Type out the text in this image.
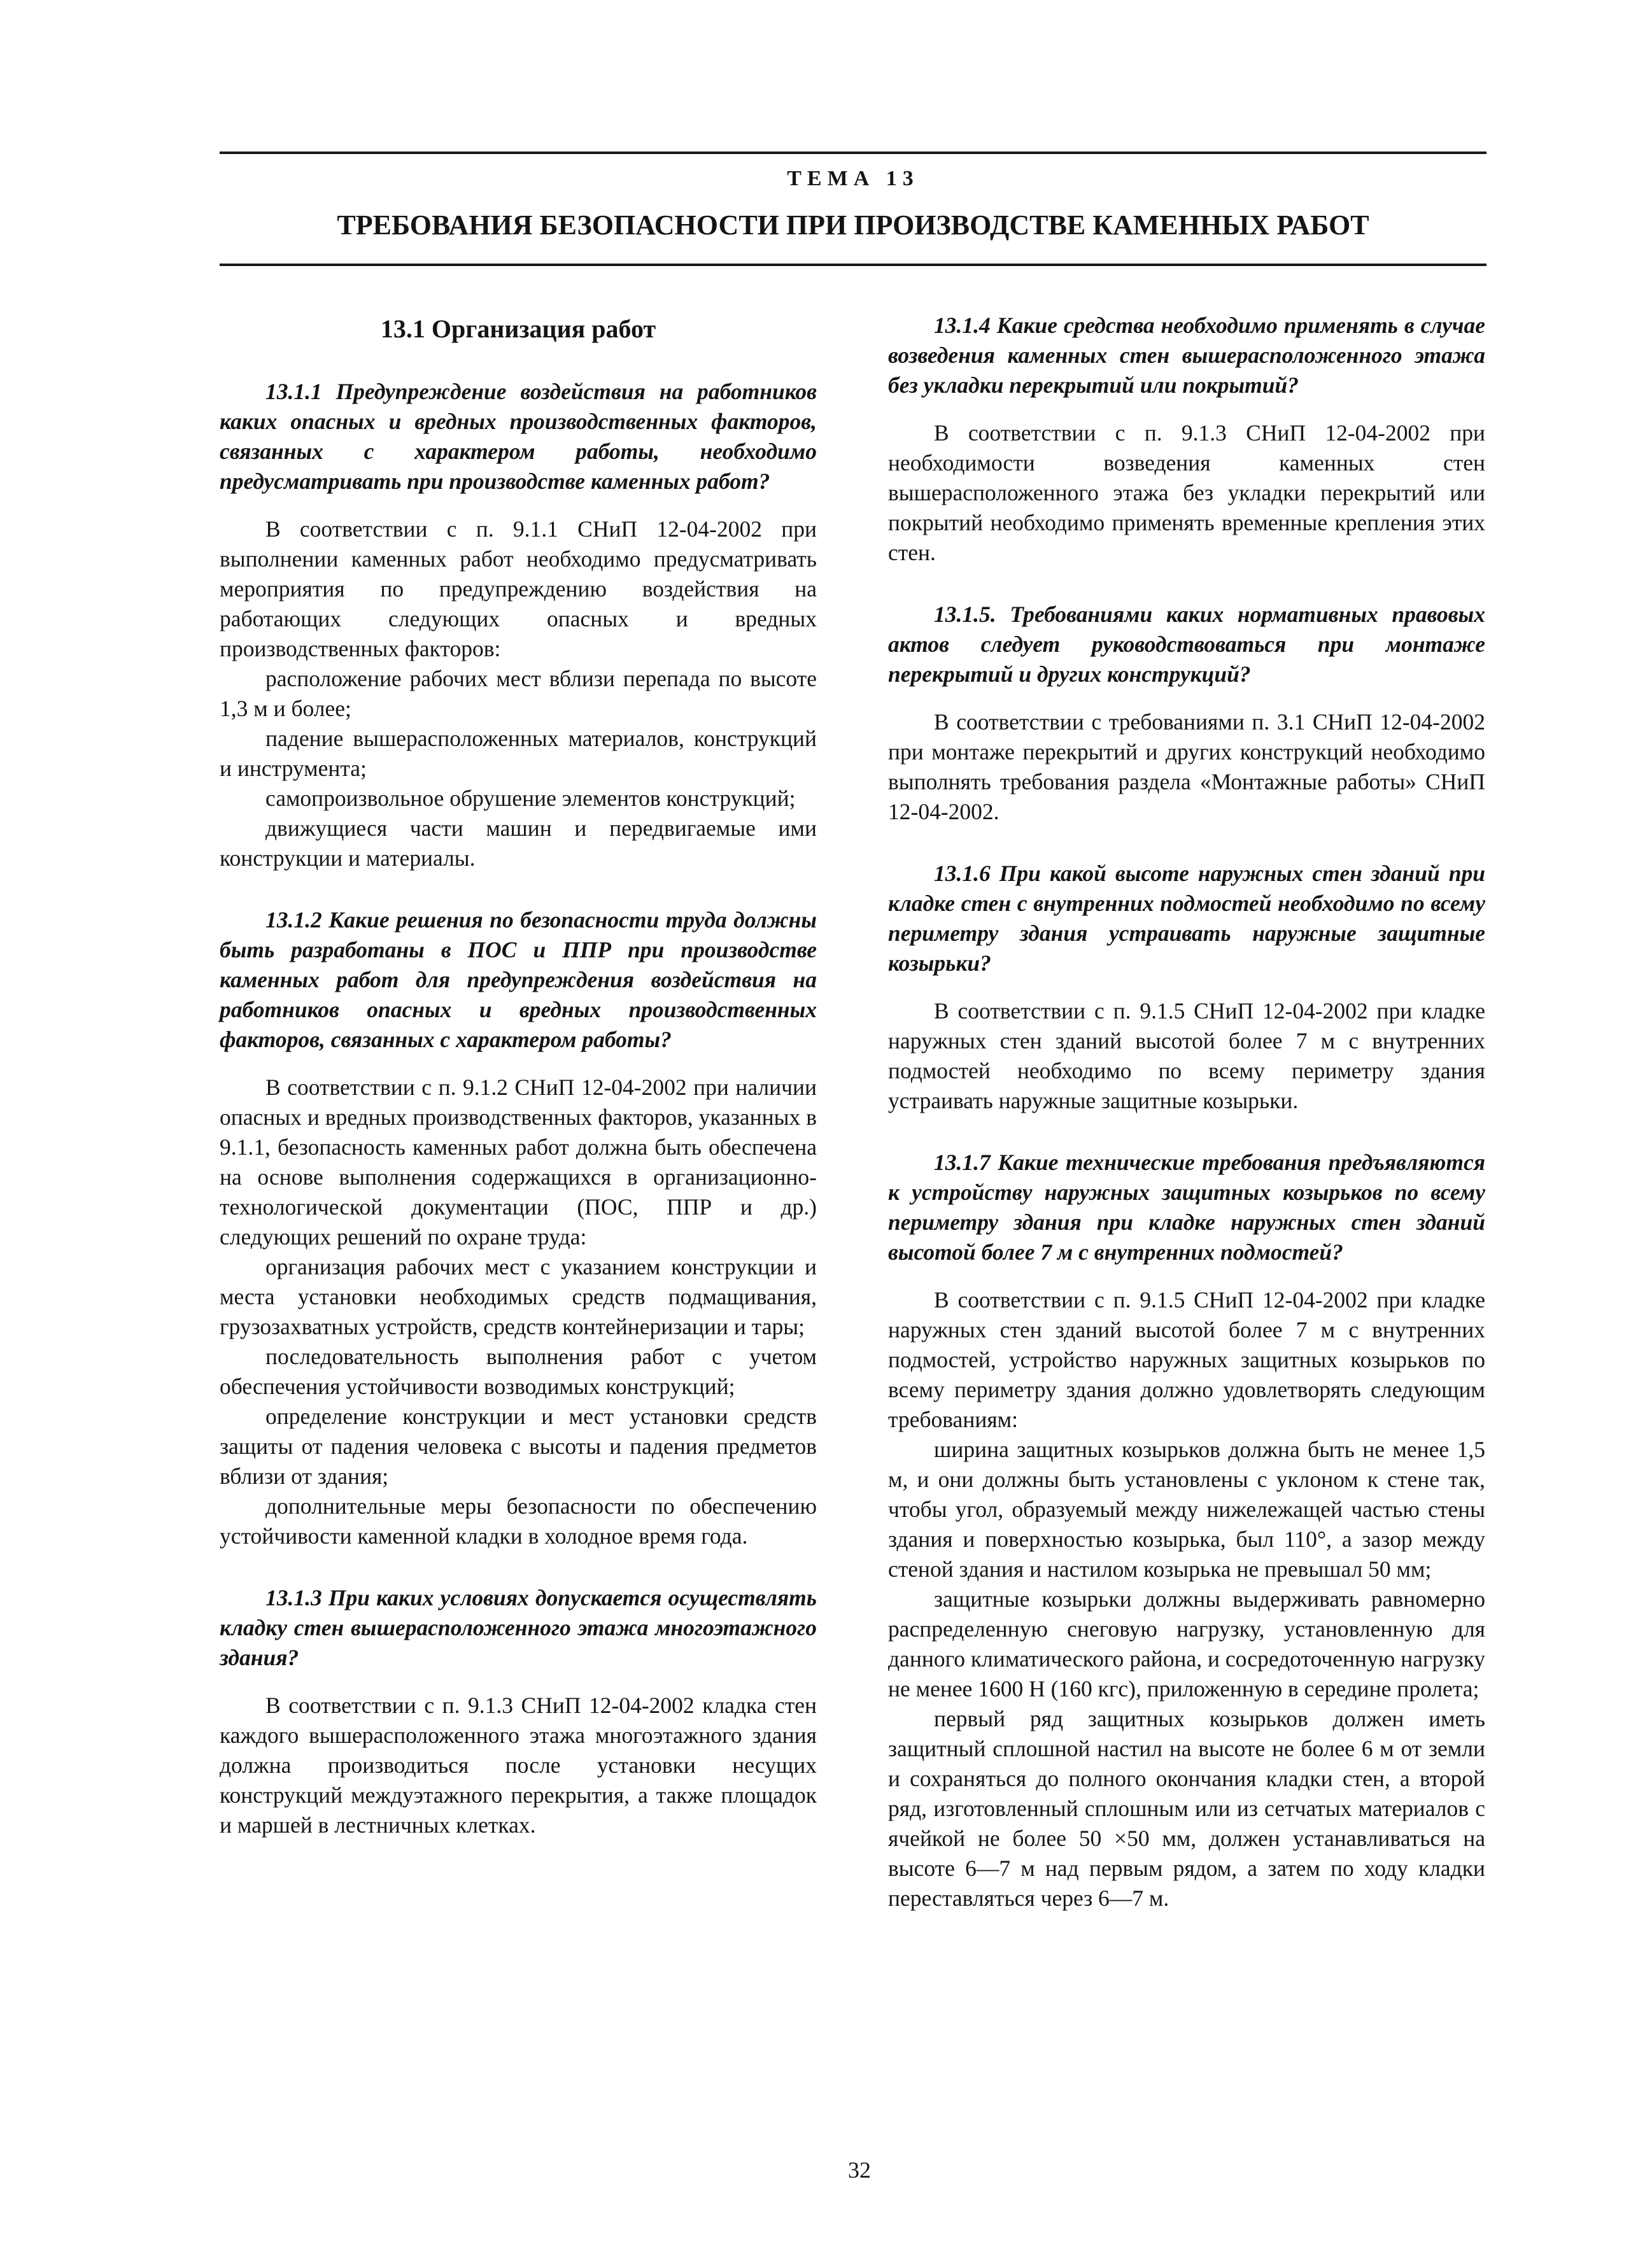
ТЕМА 13
ТРЕБОВАНИЯ БЕЗОПАСНОСТИ ПРИ ПРОИЗВОДСТВЕ КАМЕННЫХ РАБОТ
13.1 Организация работ
13.1.1 Предупреждение воздействия на работников каких опасных и вредных производственных факторов, связанных с характером работы, необходимо предусматривать при производстве каменных работ?
В соответствии с п. 9.1.1 СНиП 12-04-2002 при выполнении каменных работ необходимо предусматривать мероприятия по предупреждению воздействия на работающих следующих опасных и вредных производственных факторов:
расположение рабочих мест вблизи перепада по высоте 1,3 м и более;
падение вышерасположенных материалов, конструкций и инструмента;
самопроизвольное обрушение элементов конструкций;
движущиеся части машин и передвигаемые ими конструкции и материалы.
13.1.2 Какие решения по безопасности труда должны быть разработаны в ПОС и ППР при производстве каменных работ для предупреждения воздействия на работников опасных и вредных производственных факторов, связанных с характером работы?
В соответствии с п. 9.1.2 СНиП 12-04-2002 при наличии опасных и вредных производственных факторов, указанных в 9.1.1, безопасность каменных работ должна быть обеспечена на основе выполнения содержащихся в организационно-технологической документации (ПОС, ППР и др.) следующих решений по охране труда:
организация рабочих мест с указанием конструкции и места установки необходимых средств подмащивания, грузозахватных устройств, средств контейнеризации и тары;
последовательность выполнения работ с учетом обеспечения устойчивости возводимых конструкций;
определение конструкции и мест установки средств защиты от падения человека с высоты и падения предметов вблизи от здания;
дополнительные меры безопасности по обеспечению устойчивости каменной кладки в холодное время года.
13.1.3 При каких условиях допускается осуществлять кладку стен вышерасположенного этажа многоэтажного здания?
В соответствии с п. 9.1.3 СНиП 12-04-2002 кладка стен каждого вышерасположенного этажа многоэтажного здания должна производиться после установки несущих конструкций междуэтажного перекрытия, а также площадок и маршей в лестничных клетках.
13.1.4 Какие средства необходимо применять в случае возведения каменных стен вышерасположенного этажа без укладки перекрытий или покрытий?
В соответствии с п. 9.1.3 СНиП 12-04-2002 при необходимости возведения каменных стен вышерасположенного этажа без укладки перекрытий или покрытий необходимо применять временные крепления этих стен.
13.1.5. Требованиями каких нормативных правовых актов следует руководствоваться при монтаже перекрытий и других конструкций?
В соответствии с требованиями п. 3.1 СНиП 12-04-2002 при монтаже перекрытий и других конструкций необходимо выполнять требования раздела «Монтажные работы» СНиП 12-04-2002.
13.1.6 При какой высоте наружных стен зданий при кладке стен с внутренних подмостей необходимо по всему периметру здания устраивать наружные защитные козырьки?
В соответствии с п. 9.1.5 СНиП 12-04-2002 при кладке наружных стен зданий высотой более 7 м с внутренних подмостей необходимо по всему периметру здания устраивать наружные защитные козырьки.
13.1.7 Какие технические требования предъявляются к устройству наружных защитных козырьков по всему периметру здания при кладке наружных стен зданий высотой более 7 м с внутренних подмостей?
В соответствии с п. 9.1.5 СНиП 12-04-2002 при кладке наружных стен зданий высотой более 7 м с внутренних подмостей, устройство наружных защитных козырьков по всему периметру здания должно удовлетворять следующим требованиям:
ширина защитных козырьков должна быть не менее 1,5 м, и они должны быть установлены с уклоном к стене так, чтобы угол, образуемый между нижележащей частью стены здания и поверхностью козырька, был 110°, а зазор между стеной здания и настилом козырька не превышал 50 мм;
защитные козырьки должны выдерживать равномерно распределенную снеговую нагрузку, установленную для данного климатического района, и сосредоточенную нагрузку не менее 1600 Н (160 кгс), приложенную в середине пролета;
первый ряд защитных козырьков должен иметь защитный сплошной настил на высоте не более 6 м от земли и сохраняться до полного окончания кладки стен, а второй ряд, изготовленный сплошным или из сетчатых материалов с ячейкой не более 50 ×50 мм, должен устанавливаться на высоте 6—7 м над первым рядом, а затем по ходу кладки переставляться через 6—7 м.
32
